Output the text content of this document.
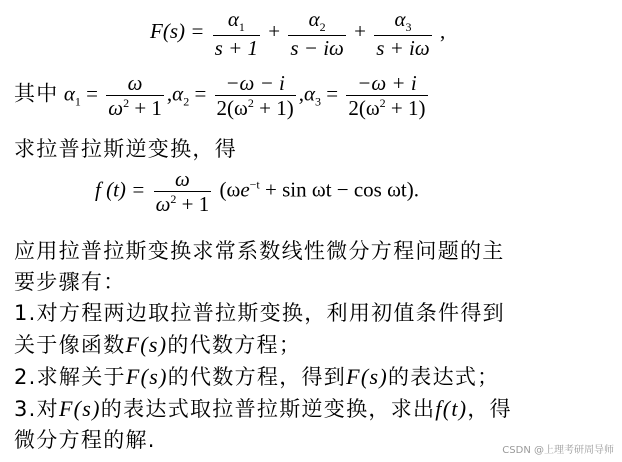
$F(s) = \frac{\alpha_1}{s + 1} + \frac{\alpha_2}{s - i\omega} + \frac{\alpha_3}{s + i\omega}$ ,
其中 $\alpha_1 = \frac{\omega}{\omega^2 + 1} ,\alpha_2 = \frac{-\omega - i}{2(\omega^2 + 1)} ,\alpha_3 = \frac{-\omega + i}{2(\omega^2 + 1)}$
求拉普拉斯逆变换，得
f $(t) = \frac{\omega}{\omega^2 + 1} (\omega e^{-t} + \sin \omega t - \cos \omega t)$.
应用拉普拉斯变换求常系数线性微分方程问题的主
要步骤有：
1.对方程两边取拉普拉斯变换，利用初值条件得到
关于像函数F(s)的代数方程；
2.求解关于F(s)的代数方程，得到F(s)的表达式；
3.对F(s)的表达式取拉普拉斯逆变换，求出f(t)，得
微分方程的解.	CSDN @上理考研周导师
